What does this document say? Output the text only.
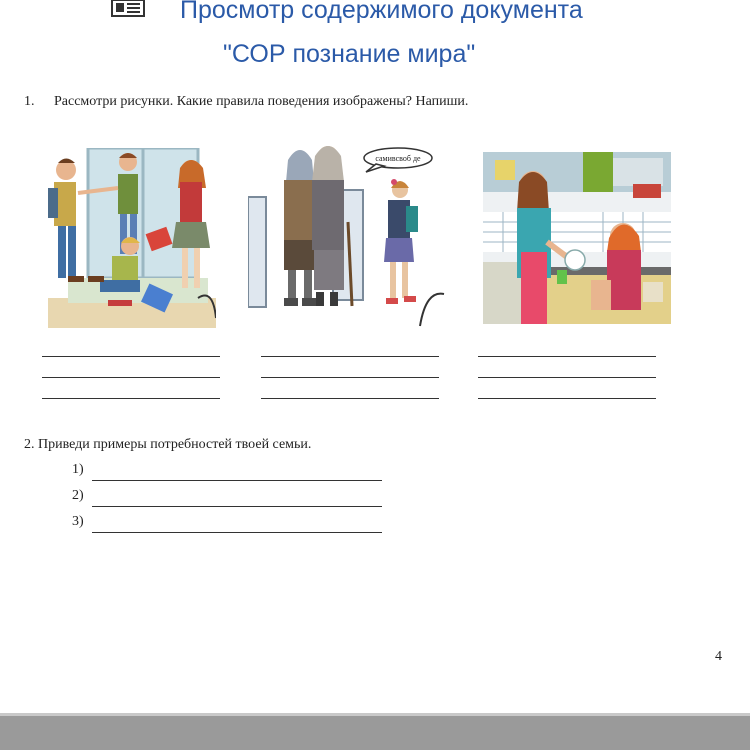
Просмотр содержимого документа
"СОР познание мира"
1. Рассмотри рисунки. Какие правила поведения изображены? Напиши.
сaмивсвоб дe
2. Приведи примеры потребностей твоей семьи.
1)
2)
3)
4
